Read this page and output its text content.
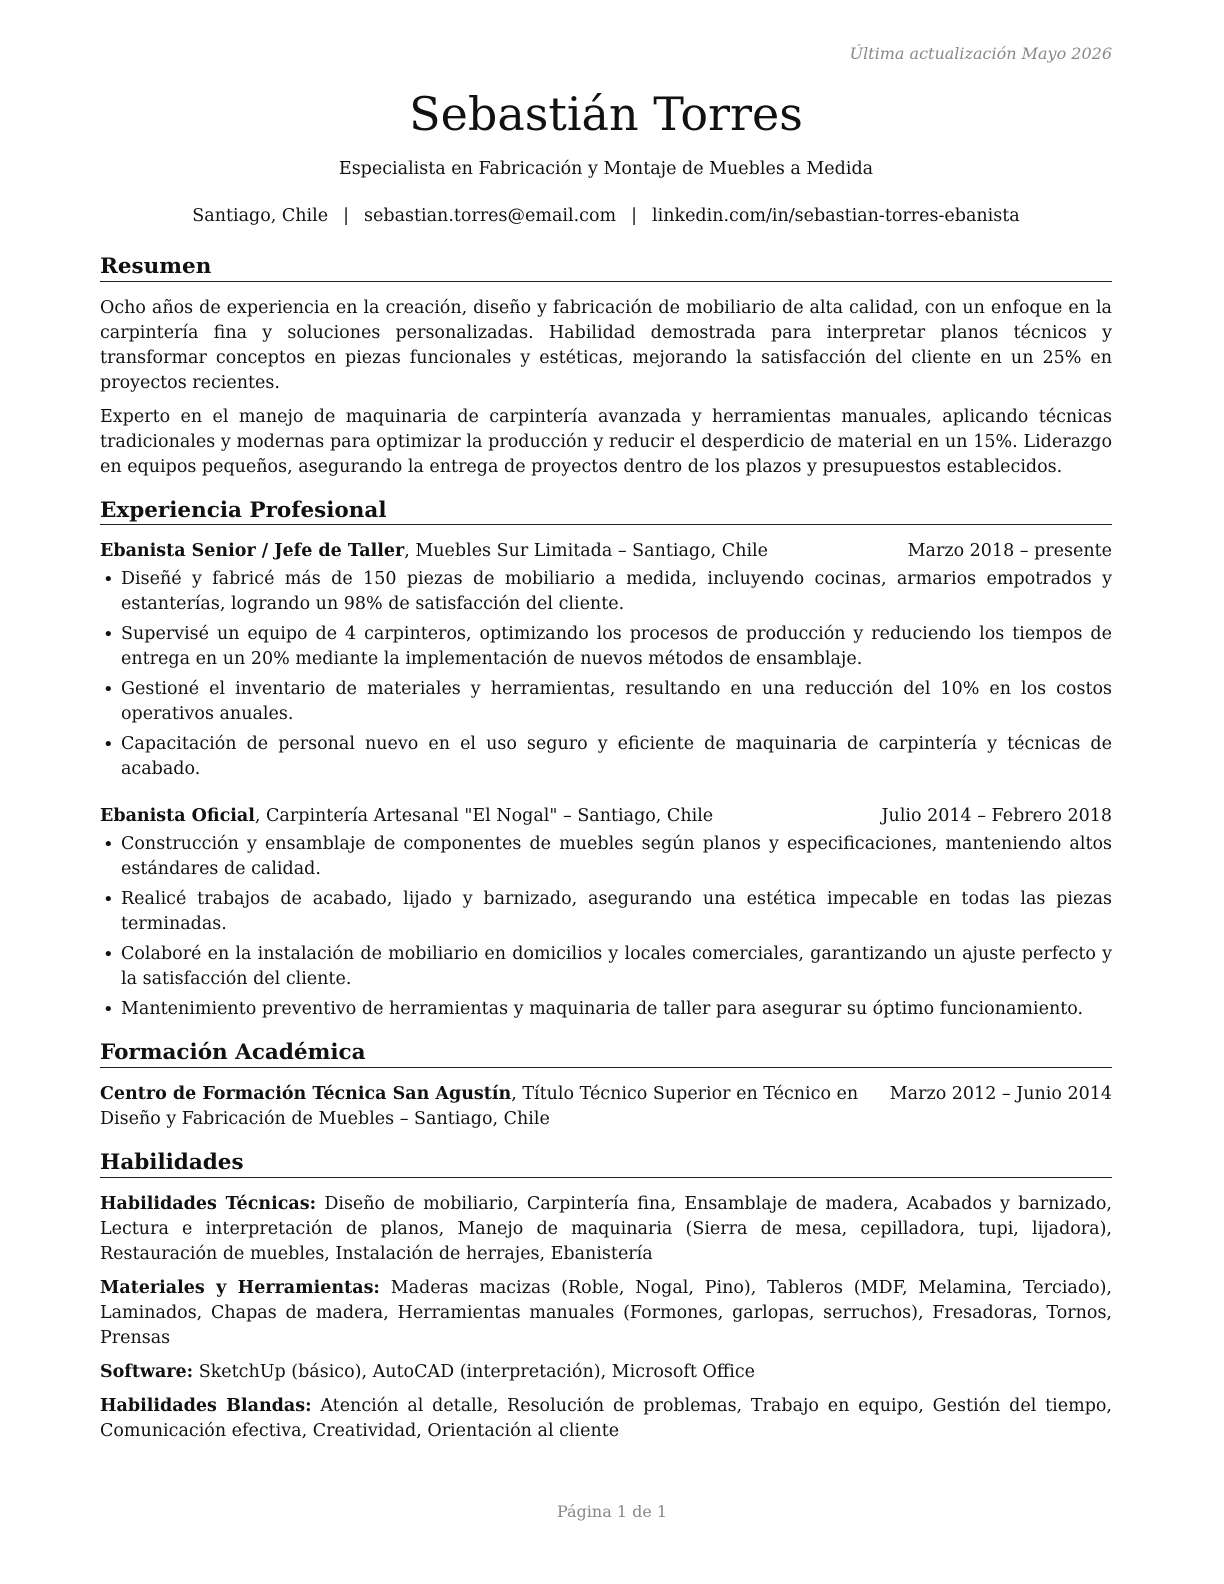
Última actualización Mayo 2026
Sebastián Torres
Especialista en Fabricación y Montaje de Muebles a Medida
Santiago, Chile | sebastian.torres@email.com | linkedin.com/in/sebastian-torres-ebanista
Resumen

Ocho años de experiencia en la creación, diseño y fabricación de mobiliario de alta calidad, con un enfoque en la carpintería fina y soluciones personalizadas. Habilidad demostrada para interpretar planos técnicos y transformar conceptos en piezas funcionales y estéticas, mejorando la satisfacción del cliente en un 25% en proyectos recientes.

Experto en el manejo de maquinaria de carpintería avanzada y herramientas manuales, aplicando técnicas tradicionales y modernas para optimizar la producción y reducir el desperdicio de material en un 15%. Liderazgo en equipos pequeños, asegurando la entrega de proyectos dentro de los plazos y presupuestos establecidos.

Experiencia Profesional
Ebanista Senior / Jefe de Taller, Muebles Sur Limitada – Santiago, Chile	Marzo 2018 – presente
• Diseñé y fabricé más de 150 piezas de mobiliario a medida, incluyendo cocinas, armarios empotrados y estanterías, logrando un 98% de satisfacción del cliente.
• Supervisé un equipo de 4 carpinteros, optimizando los procesos de producción y reduciendo los tiempos de entrega en un 20% mediante la implementación de nuevos métodos de ensamblaje.
• Gestioné el inventario de materiales y herramientas, resultando en una reducción del 10% en los costos operativos anuales.
• Capacitación de personal nuevo en el uso seguro y eficiente de maquinaria de carpintería y técnicas de acabado.
Ebanista Oficial, Carpintería Artesanal "El Nogal" – Santiago, Chile	Julio 2014 – Febrero 2018
• Construcción y ensamblaje de componentes de muebles según planos y especificaciones, manteniendo altos estándares de calidad.
• Realicé trabajos de acabado, lijado y barnizado, asegurando una estética impecable en todas las piezas terminadas.
• Colaboré en la instalación de mobiliario en domicilios y locales comerciales, garantizando un ajuste perfecto y la satisfacción del cliente.
• Mantenimiento preventivo de herramientas y maquinaria de taller para asegurar su óptimo funcionamiento.
Formación Académica
Marzo 2012 – Junio 2014
Centro de Formación Técnica San Agustín, Título Técnico Superior en Técnico en Diseño y Fabricación de Muebles – Santiago, Chile
Habilidades
Habilidades Técnicas: Diseño de mobiliario, Carpintería fina, Ensamblaje de madera, Acabados y barnizado, Lectura e interpretación de planos, Manejo de maquinaria (Sierra de mesa, cepilladora, tupi, lijadora), Restauración de muebles, Instalación de herrajes, Ebanistería
Materiales y Herramientas: Maderas macizas (Roble, Nogal, Pino), Tableros (MDF, Melamina, Terciado), Laminados, Chapas de madera, Herramientas manuales (Formones, garlopas, serruchos), Fresadoras, Tornos, Prensas
Software: SketchUp (básico), AutoCAD (interpretación), Microsoft Office
Habilidades Blandas: Atención al detalle, Resolución de problemas, Trabajo en equipo, Gestión del tiempo, Comunicación efectiva, Creatividad, Orientación al cliente
Página 1 de 1
